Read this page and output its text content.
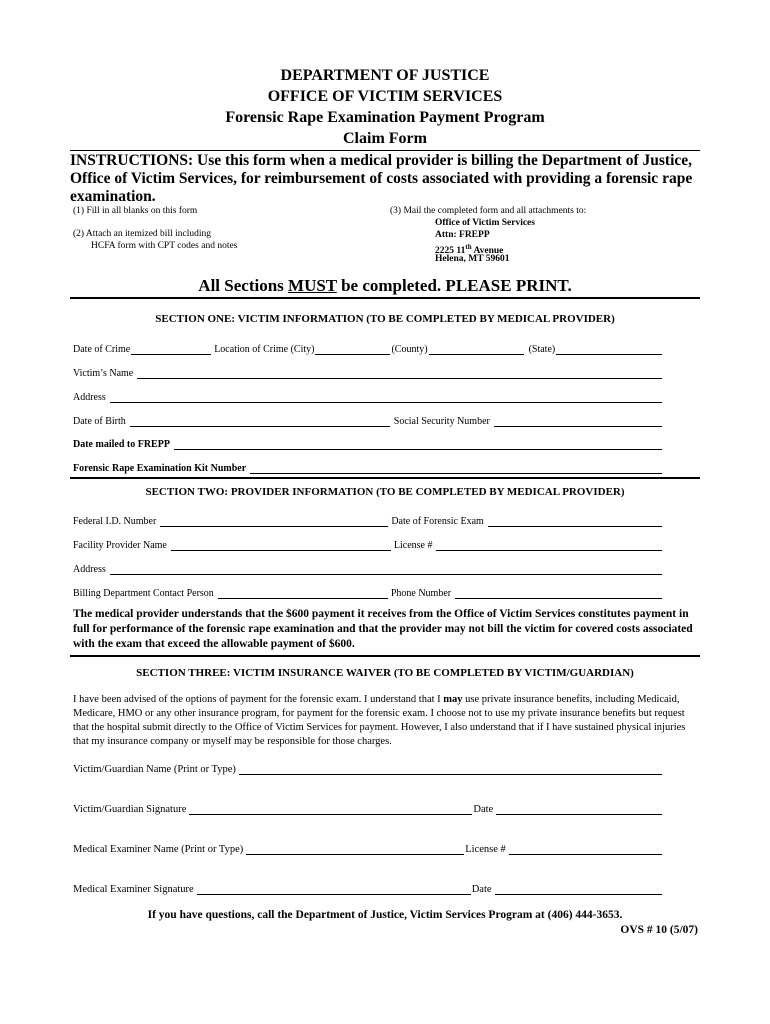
DEPARTMENT OF JUSTICE
OFFICE OF VICTIM SERVICES
Forensic Rape Examination Payment Program
Claim Form
INSTRUCTIONS: Use this form when a medical provider is billing the Department of Justice, Office of Victim Services, for reimbursement of costs associated with providing a forensic rape examination.
(1) Fill in all blanks on this form
(2) Attach an itemized bill including
HCFA form with CPT codes and notes
(3) Mail the completed form and all attachments to:
Office of Victim Services
Attn: FREPP
2225 11th Avenue
Helena, MT 59601
All Sections MUST be completed. PLEASE PRINT.
SECTION ONE: VICTIM INFORMATION (TO BE COMPLETED BY MEDICAL PROVIDER)
Date of Crime	Location of Crime (City)	(County)	(State)
Victim’s Name
Address
Date of Birth	Social Security Number
Date mailed to FREPP
Forensic Rape Examination Kit Number
SECTION TWO: PROVIDER INFORMATION (TO BE COMPLETED BY MEDICAL PROVIDER)
Federal I.D. Number	Date of Forensic Exam
Facility Provider Name	License #
Address
Billing Department Contact Person	Phone Number
The medical provider understands that the $600 payment it receives from the Office of Victim Services constitutes payment in full for performance of the forensic rape examination and that the provider may not bill the victim for covered costs associated with the exam that exceed the allowable payment of $600.
SECTION THREE: VICTIM INSURANCE WAIVER (TO BE COMPLETED BY VICTIM/GUARDIAN)
I have been advised of the options of payment for the forensic exam. I understand that I may use private insurance benefits, including Medicaid, Medicare, HMO or any other insurance program, for payment for the forensic exam. I choose not to use my private insurance benefits but request that the hospital submit directly to the Office of Victim Services for payment. However, I also understand that if I have sustained physical injuries that my insurance company or myself may be responsible for those charges.
Victim/Guardian Name (Print or Type)
Victim/Guardian Signature	Date
Medical Examiner Name (Print or Type)	License #
Medical Examiner Signature	Date
If you have questions, call the Department of Justice, Victim Services Program at (406) 444-3653.
OVS # 10 (5/07)
